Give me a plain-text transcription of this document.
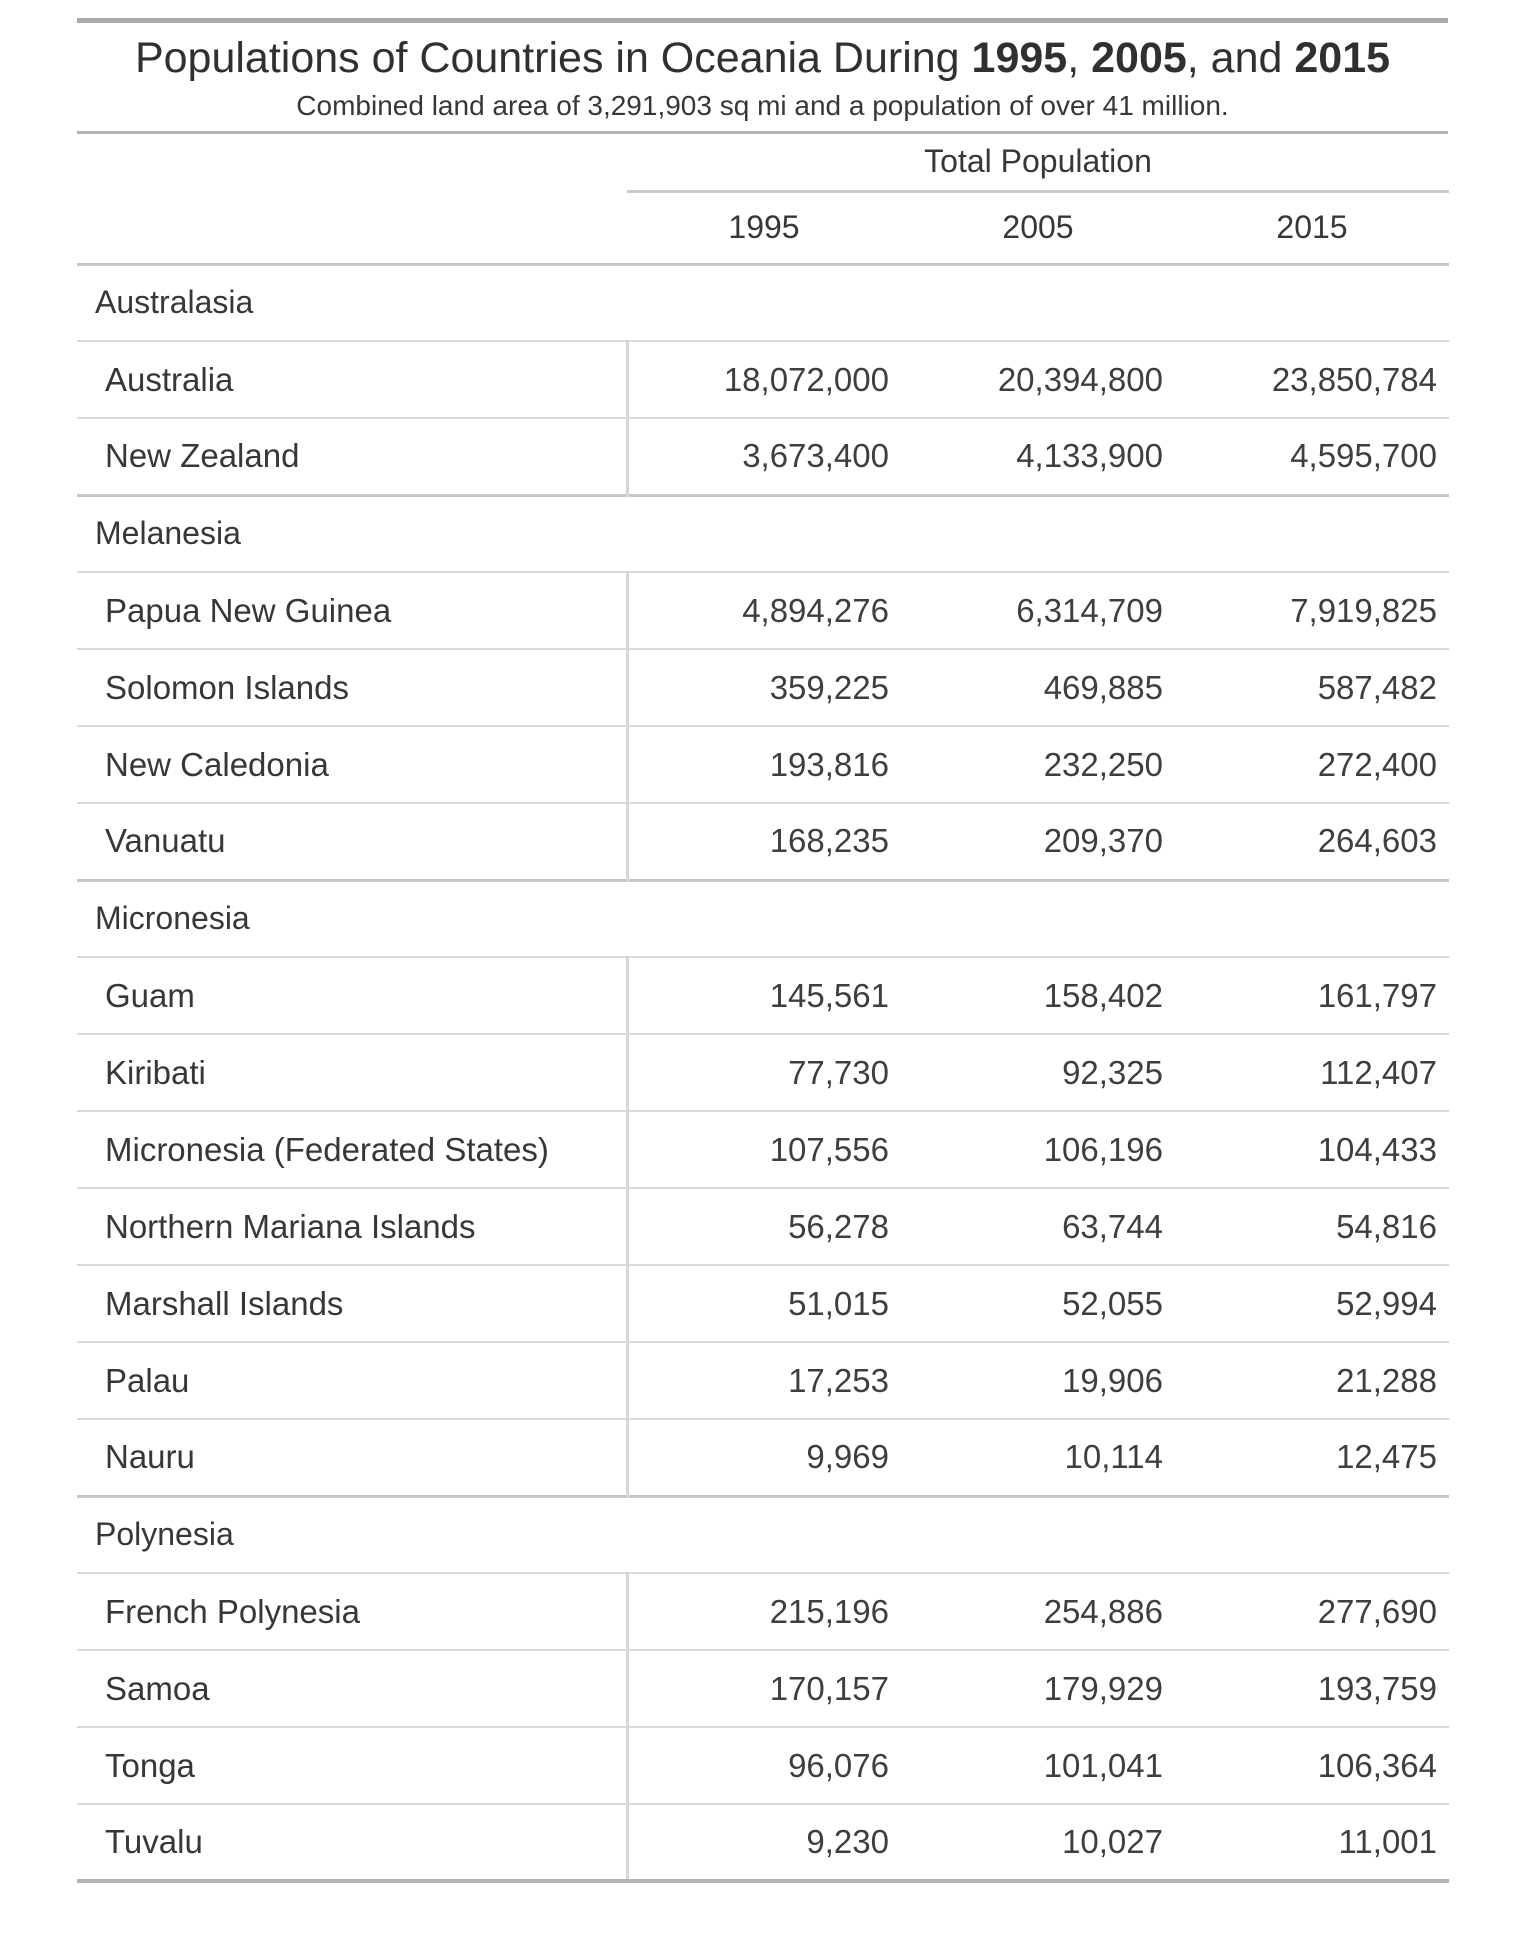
Populations of Countries in Oceania During 1995, 2005, and 2015

Combined land area of 3,291,903 sq mi and a population of over 41 million.

	Total Population		
	1995	2005	2015
Australasia			
Australia	18,072,000	20,394,800	23,850,784
New Zealand	3,673,400	4,133,900	4,595,700
Melanesia			
Papua New Guinea	4,894,276	6,314,709	7,919,825
Solomon Islands	359,225	469,885	587,482
New Caledonia	193,816	232,250	272,400
Vanuatu	168,235	209,370	264,603
Micronesia			
Guam	145,561	158,402	161,797
Kiribati	77,730	92,325	112,407
Micronesia (Federated States)	107,556	106,196	104,433
Northern Mariana Islands	56,278	63,744	54,816
Marshall Islands	51,015	52,055	52,994
Palau	17,253	19,906	21,288
Nauru	9,969	10,114	12,475
Polynesia			
French Polynesia	215,196	254,886	277,690
Samoa	170,157	179,929	193,759
Tonga	96,076	101,041	106,364
Tuvalu	9,230	10,027	11,001
